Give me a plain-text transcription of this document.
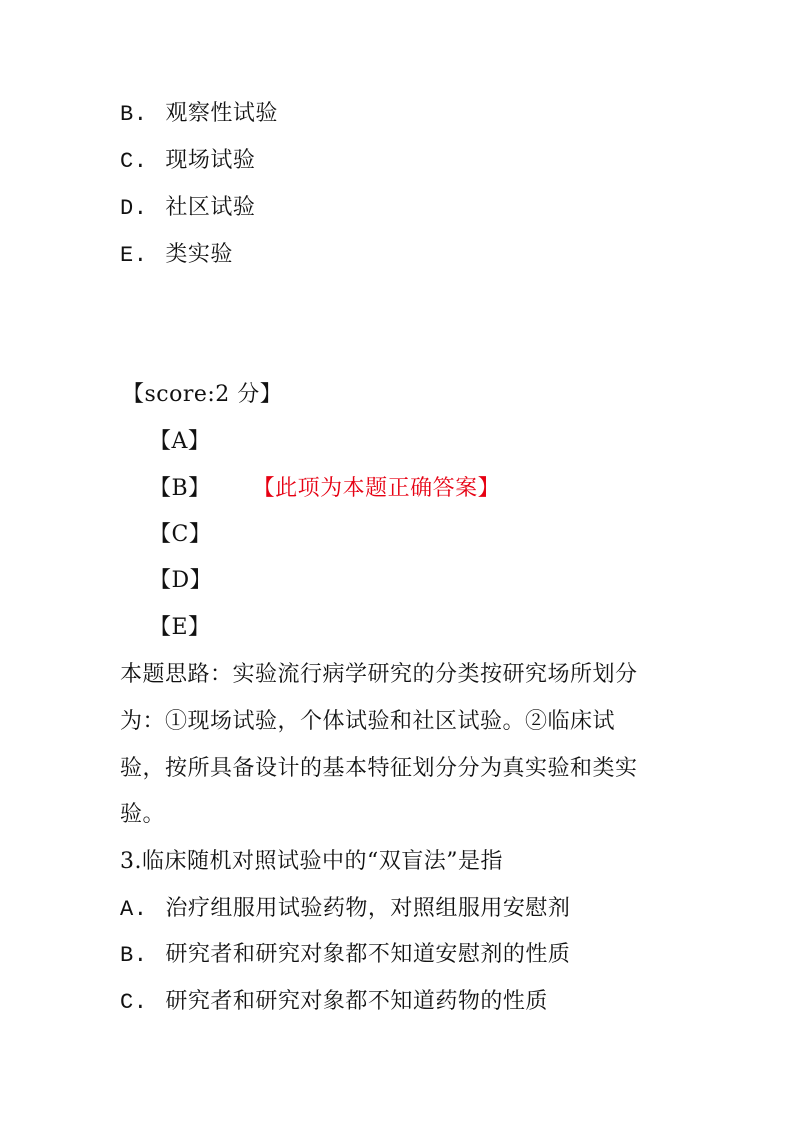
B. 观察性试验
C. 现场试验
D. 社区试验
E. 类实验
【score:2 分】
【A】
【B】 【此项为本题正确答案】
【C】
【D】
【E】
本题思路：实验流行病学研究的分类按研究场所划分
为：①现场试验，个体试验和社区试验。②临床试
验，按所具备设计的基本特征划分分为真实验和类实
验。
3.临床随机对照试验中的“双盲法”是指
A. 治疗组服用试验药物，对照组服用安慰剂
B. 研究者和研究对象都不知道安慰剂的性质
C. 研究者和研究对象都不知道药物的性质
